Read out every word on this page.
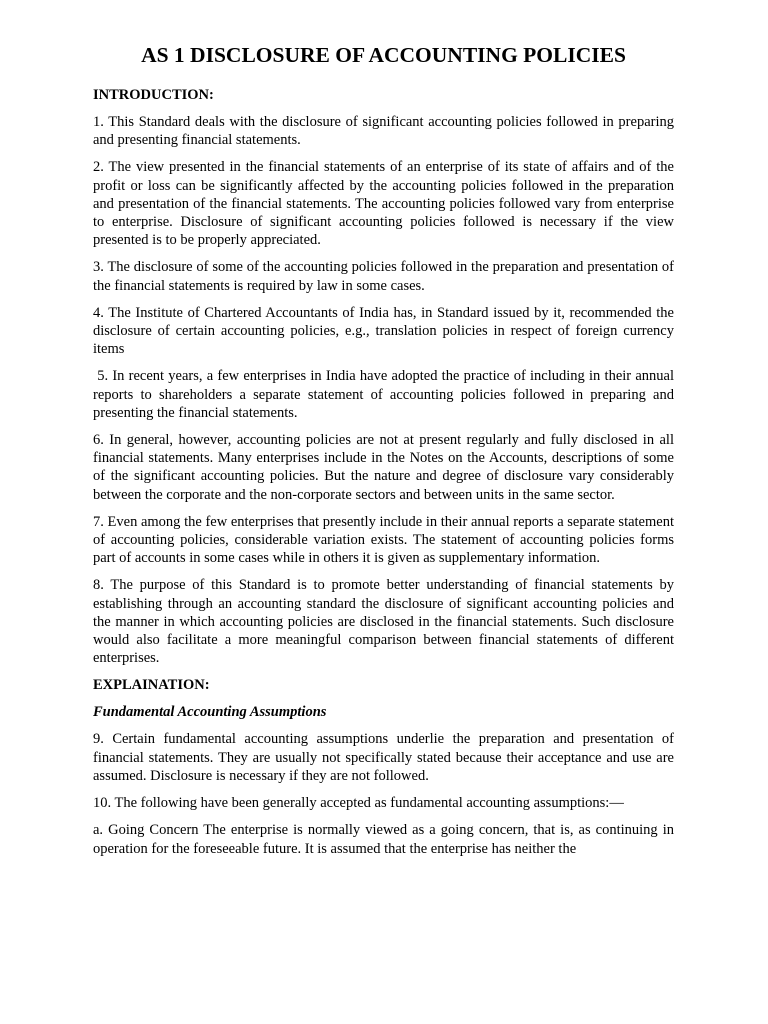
AS 1 DISCLOSURE OF ACCOUNTING POLICIES
INTRODUCTION:

1. This Standard deals with the disclosure of significant accounting policies followed in preparing and presenting financial statements.

2. The view presented in the financial statements of an enterprise of its state of affairs and of the profit or loss can be significantly affected by the accounting policies followed in the preparation and presentation of the financial statements. The accounting policies followed vary from enterprise to enterprise. Disclosure of significant accounting policies followed is necessary if the view presented is to be properly appreciated.

3. The disclosure of some of the accounting policies followed in the preparation and presentation of the financial statements is required by law in some cases.

4. The Institute of Chartered Accountants of India has, in Standard issued by it, recommended the disclosure of certain accounting policies, e.g., translation policies in respect of foreign currency items

5. In recent years, a few enterprises in India have adopted the practice of including in their annual reports to shareholders a separate statement of accounting policies followed in preparing and presenting the financial statements.

6. In general, however, accounting policies are not at present regularly and fully disclosed in all financial statements. Many enterprises include in the Notes on the Accounts, descriptions of some of the significant accounting policies. But the nature and degree of disclosure vary considerably between the corporate and the non-corporate sectors and between units in the same sector.

7. Even among the few enterprises that presently include in their annual reports a separate statement of accounting policies, considerable variation exists. The statement of accounting policies forms part of accounts in some cases while in others it is given as supplementary information.

8. The purpose of this Standard is to promote better understanding of financial statements by establishing through an accounting standard the disclosure of significant accounting policies and the manner in which accounting policies are disclosed in the financial statements. Such disclosure would also facilitate a more meaningful comparison between financial statements of different enterprises.

EXPLAINATION:
Fundamental Accounting Assumptions

9. Certain fundamental accounting assumptions underlie the preparation and presentation of financial statements. They are usually not specifically stated because their acceptance and use are assumed. Disclosure is necessary if they are not followed.

10. The following have been generally accepted as fundamental accounting assumptions:—

a. Going Concern The enterprise is normally viewed as a going concern, that is, as continuing in operation for the foreseeable future. It is assumed that the enterprise has neither the
